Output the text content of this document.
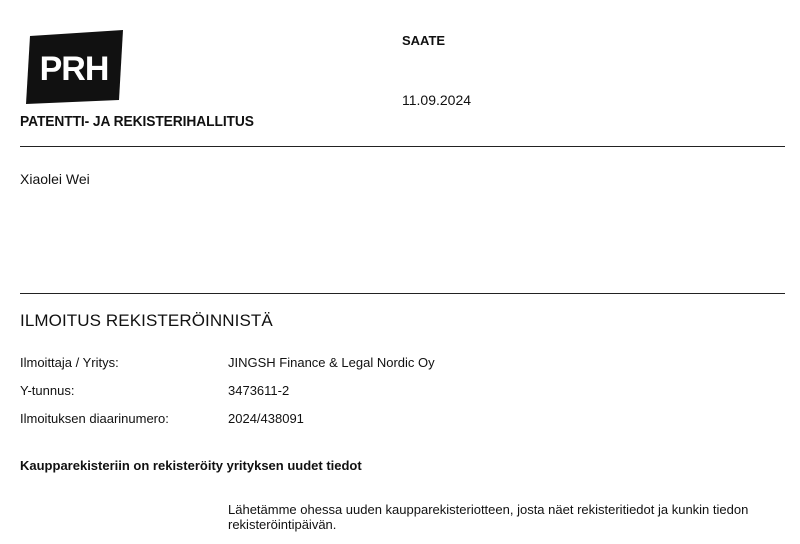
PRH
PATENTTI- JA REKISTERIHALLITUS
SAATE
11.09.2024
Xiaolei Wei
ILMOITUS REKISTERÖINNISTÄ
Ilmoittaja / Yritys:	JINGSH Finance & Legal Nordic Oy
Y-tunnus:	3473611-2
Ilmoituksen diaarinumero:	2024/438091
Kaupparekisteriin on rekisteröity yrityksen uudet tiedot
Lähetämme ohessa uuden kaupparekisteriotteen, josta näet rekisteritiedot ja kunkin tiedon rekisteröintipäivän.
